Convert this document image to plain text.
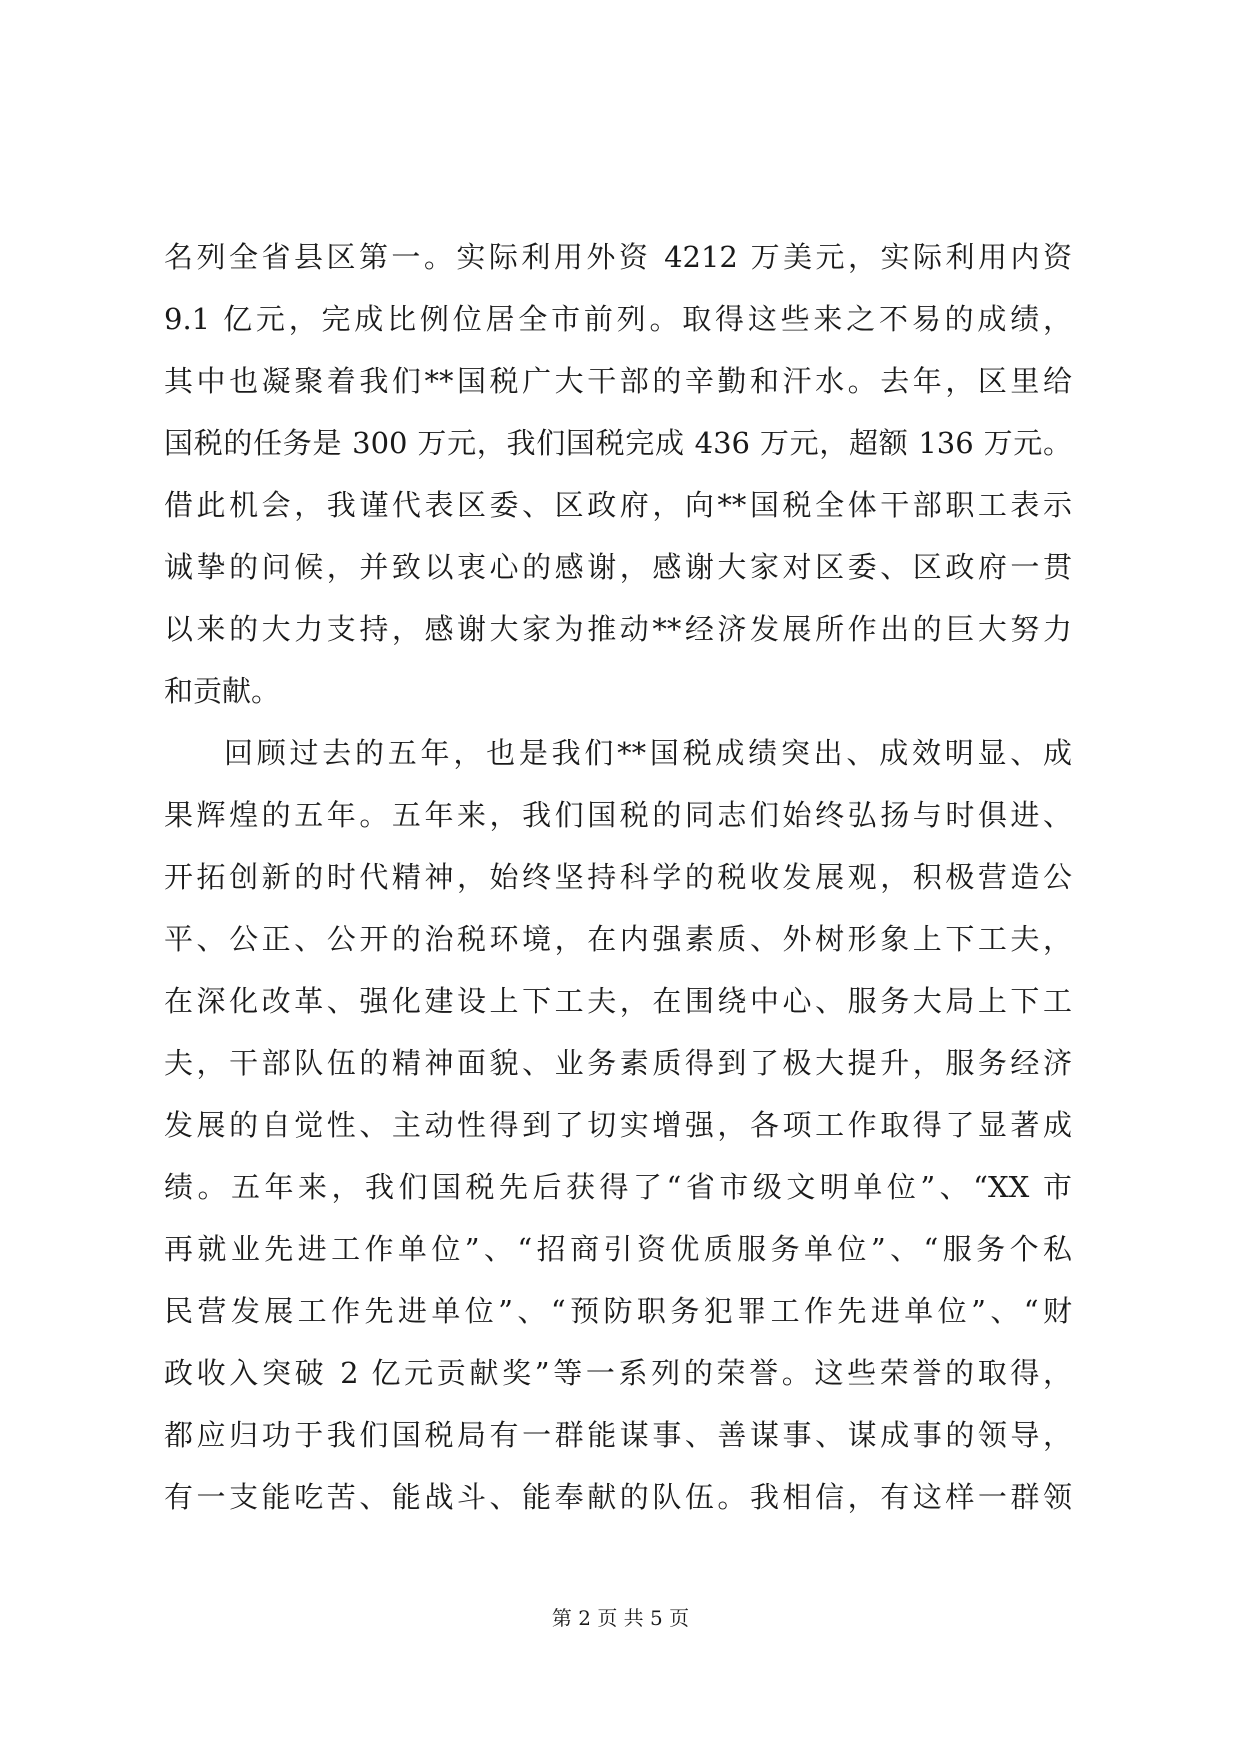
名列全省县区第一。实际利用外资 4212 万美元，实际利用内资
9.1 亿元，完成比例位居全市前列。取得这些来之不易的成绩，
其中也凝聚着我们**国税广大干部的辛勤和汗水。去年，区里给
国税的任务是 300 万元，我们国税完成 436 万元，超额 136 万元。
借此机会，我谨代表区委、区政府，向**国税全体干部职工表示
诚挚的问候，并致以衷心的感谢，感谢大家对区委、区政府一贯
以来的大力支持，感谢大家为推动**经济发展所作出的巨大努力
和贡献。
回顾过去的五年，也是我们**国税成绩突出、成效明显、成
果辉煌的五年。五年来，我们国税的同志们始终弘扬与时俱进、
开拓创新的时代精神，始终坚持科学的税收发展观，积极营造公
平、公正、公开的治税环境，在内强素质、外树形象上下工夫，
在深化改革、强化建设上下工夫，在围绕中心、服务大局上下工
夫，干部队伍的精神面貌、业务素质得到了极大提升，服务经济
发展的自觉性、主动性得到了切实增强，各项工作取得了显著成
绩。五年来，我们国税先后获得了“省市级文明单位”、“XX 市
再就业先进工作单位”、“招商引资优质服务单位”、“服务个私
民营发展工作先进单位”、“预防职务犯罪工作先进单位”、“财
政收入突破 2 亿元贡献奖”等一系列的荣誉。这些荣誉的取得，
都应归功于我们国税局有一群能谋事、善谋事、谋成事的领导，
有一支能吃苦、能战斗、能奉献的队伍。我相信，有这样一群领
第 2 页 共 5 页
